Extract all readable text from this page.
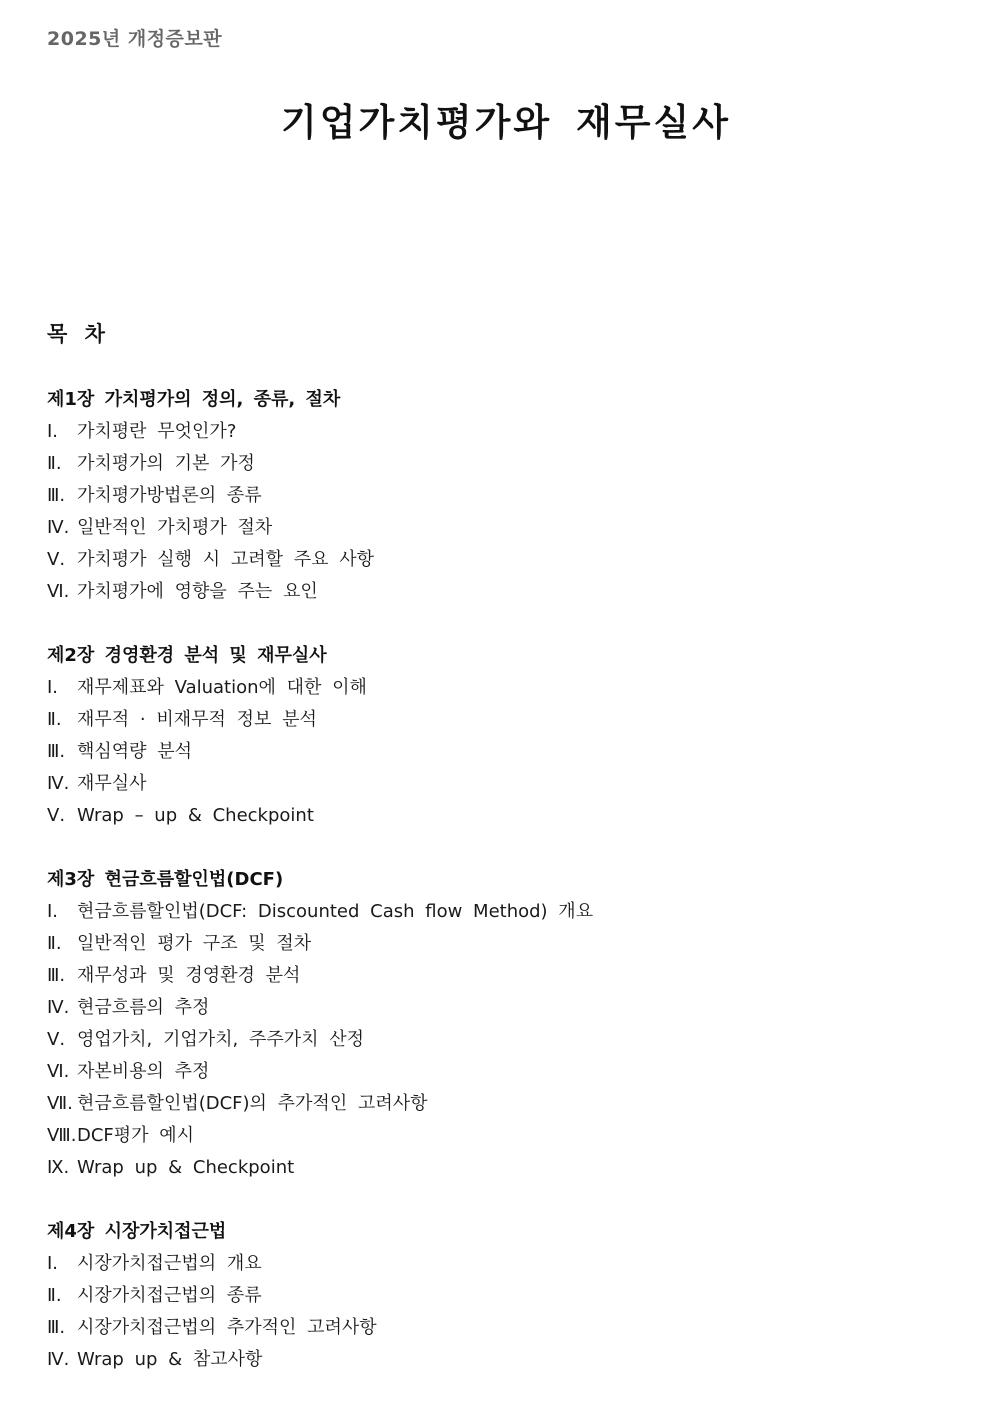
2025년 개정증보판
기업가치평가와 재무실사
목 차
제1장 가치평가의 정의, 종류, 절차
Ⅰ. 가치평란 무엇인가?
Ⅱ. 가치평가의 기본 가정
Ⅲ. 가치평가방법론의 종류
Ⅳ. 일반적인 가치평가 절차
Ⅴ. 가치평가 실행 시 고려할 주요 사항
Ⅵ. 가치평가에 영향을 주는 요인
제2장 경영환경 분석 및 재무실사
Ⅰ. 재무제표와 Valuation에 대한 이해
Ⅱ. 재무적 · 비재무적 정보 분석
Ⅲ. 핵심역량 분석
Ⅳ. 재무실사
Ⅴ. Wrap – up & Checkpoint
제3장 현금흐름할인법(DCF)
Ⅰ. 현금흐름할인법(DCF: Discounted Cash flow Method) 개요
Ⅱ. 일반적인 평가 구조 및 절차
Ⅲ. 재무성과 및 경영환경 분석
Ⅳ. 현금흐름의 추정
Ⅴ. 영업가치, 기업가치, 주주가치 산정
Ⅵ. 자본비용의 추정
Ⅶ. 현금흐름할인법(DCF)의 추가적인 고려사항
Ⅷ.DCF평가 예시
Ⅸ. Wrap up & Checkpoint
제4장 시장가치접근법
Ⅰ. 시장가치접근법의 개요
Ⅱ. 시장가치접근법의 종류
Ⅲ. 시장가치접근법의 추가적인 고려사항
Ⅳ. Wrap up & 참고사항
